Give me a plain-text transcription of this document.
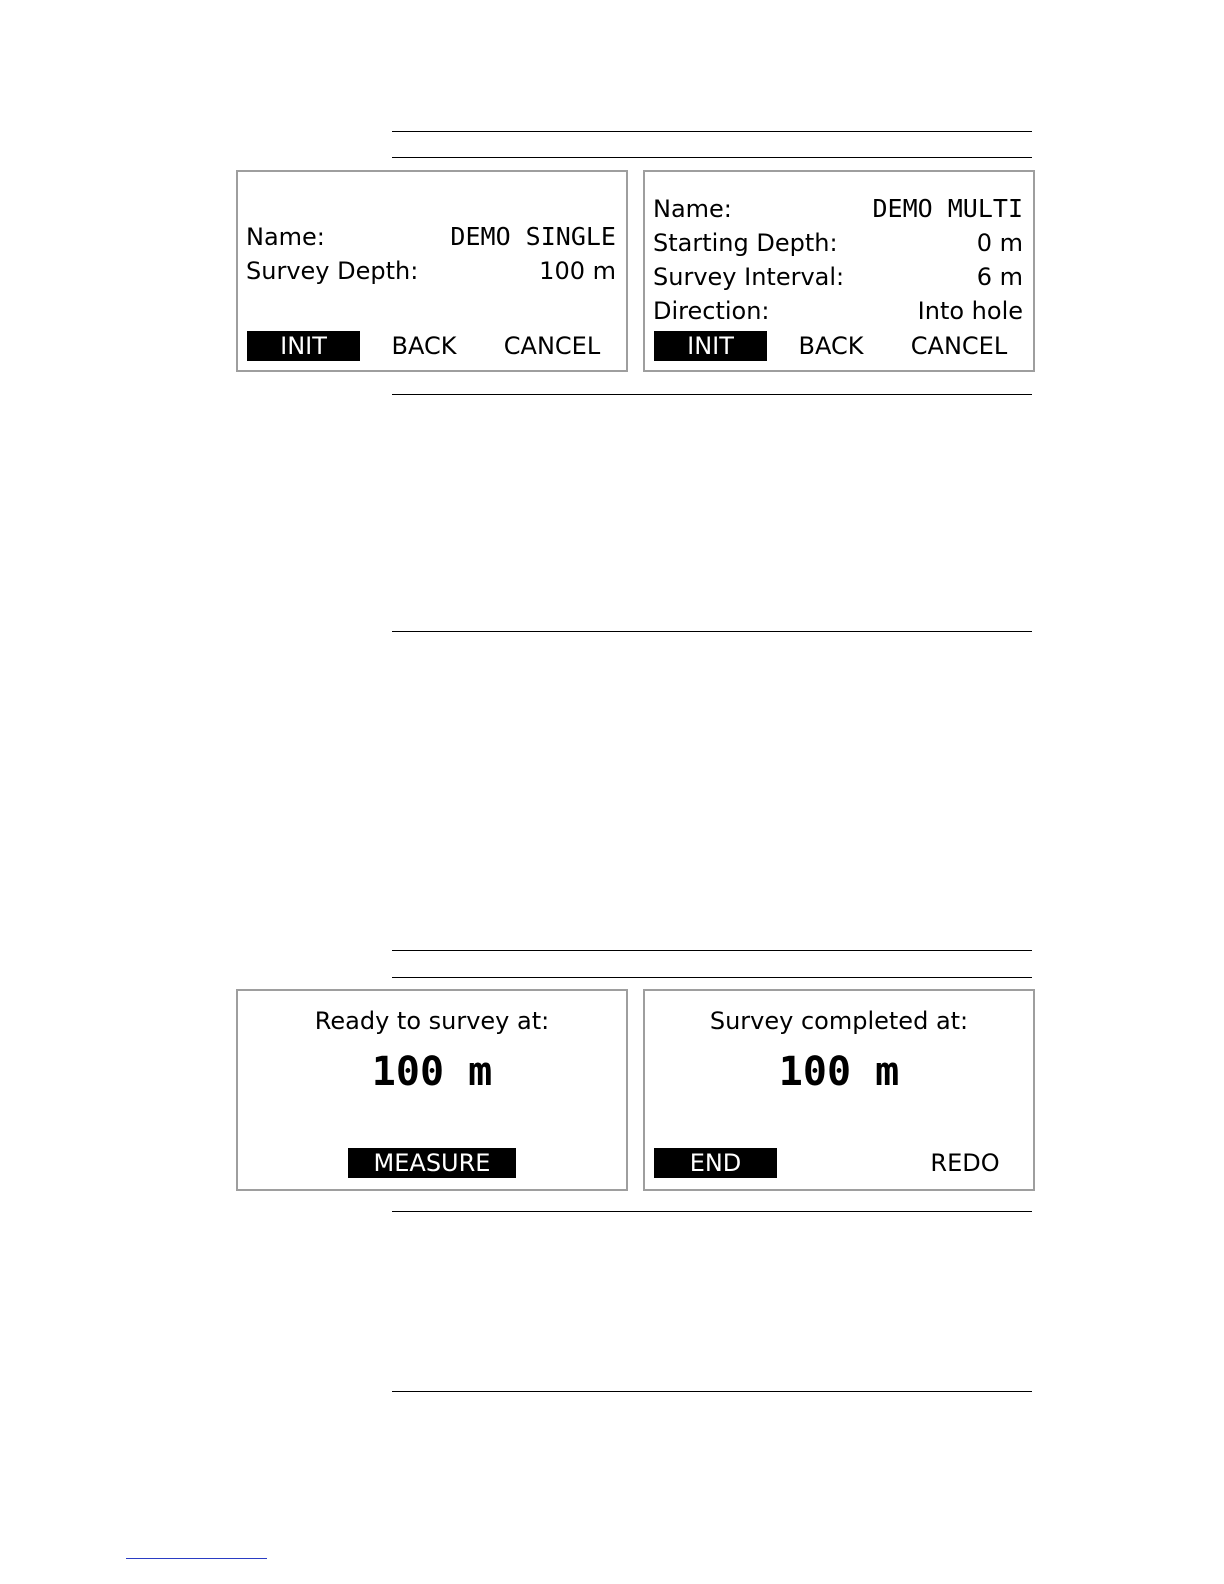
Name:	DEMO SINGLE
Survey Depth:	100 m
INIT	BACK	CANCEL
Name:	DEMO MULTI
Starting Depth:	0 m
Survey Interval:	6 m
Direction:	Into hole
INIT	BACK	CANCEL
Ready to survey at:
100 m
MEASURE
Survey completed at:
100 m
END	REDO
